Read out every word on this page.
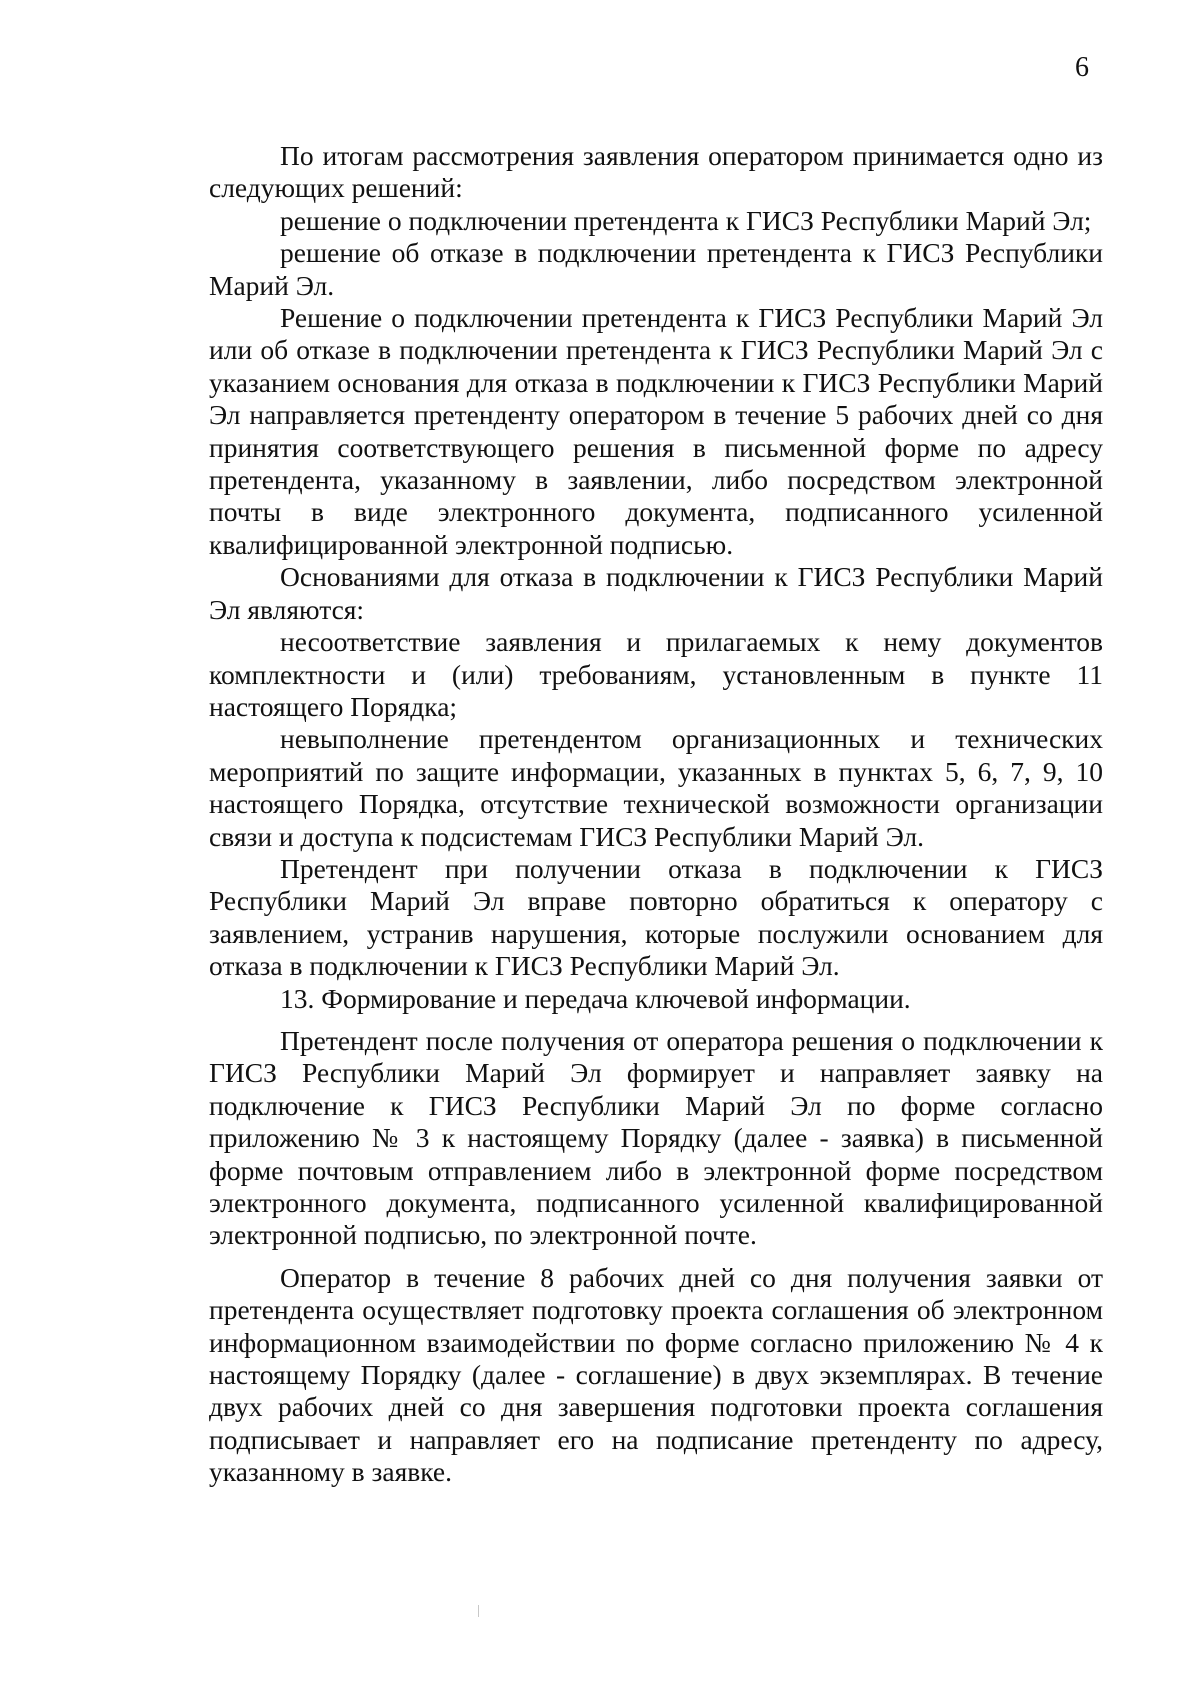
6

По итогам рассмотрения заявления оператором принимается одно из следующих решений:

решение о подключении претендента к ГИСЗ Республики Марий Эл;

решение об отказе в подключении претендента к ГИСЗ Республики Марий Эл.

Решение о подключении претендента к ГИСЗ Республики Марий Эл или об отказе в подключении претендента к ГИСЗ Республики Марий Эл с указанием основания для отказа в подключении к ГИСЗ Республики Марий Эл направляется претенденту оператором в течение 5 рабочих дней со дня принятия соответствующего решения в письменной форме по адресу претендента, указанному в заявлении, либо посредством электронной почты в виде электронного документа, подписанного усиленной квалифицированной электронной подписью.

Основаниями для отказа в подключении к ГИСЗ Республики Марий Эл являются:

несоответствие заявления и прилагаемых к нему документов комплектности и (или) требованиям, установленным в пункте 11 настоящего Порядка;

невыполнение претендентом организационных и технических мероприятий по защите информации, указанных в пунктах 5, 6, 7, 9, 10 настоящего Порядка, отсутствие технической возможности организации связи и доступа к подсистемам ГИСЗ Республики Марий Эл.

Претендент при получении отказа в подключении к ГИСЗ Республики Марий Эл вправе повторно обратиться к оператору с заявлением, устранив нарушения, которые послужили основанием для отказа в подключении к ГИСЗ Республики Марий Эл.

13. Формирование и передача ключевой информации.

Претендент после получения от оператора решения о подключении к ГИСЗ Республики Марий Эл формирует и направляет заявку на подключение к ГИСЗ Республики Марий Эл по форме согласно приложению № 3 к настоящему Порядку (далее - заявка) в письменной форме почтовым отправлением либо в электронной форме посредством электронного документа, подписанного усиленной квалифицированной электронной подписью, по электронной почте.

Оператор в течение 8 рабочих дней со дня получения заявки от претендента осуществляет подготовку проекта соглашения об электронном информационном взаимодействии по форме согласно приложению № 4 к настоящему Порядку (далее - соглашение) в двух экземплярах. В течение двух рабочих дней со дня завершения подготовки проекта соглашения подписывает и направляет его на подписание претенденту по адресу, указанному в заявке.
